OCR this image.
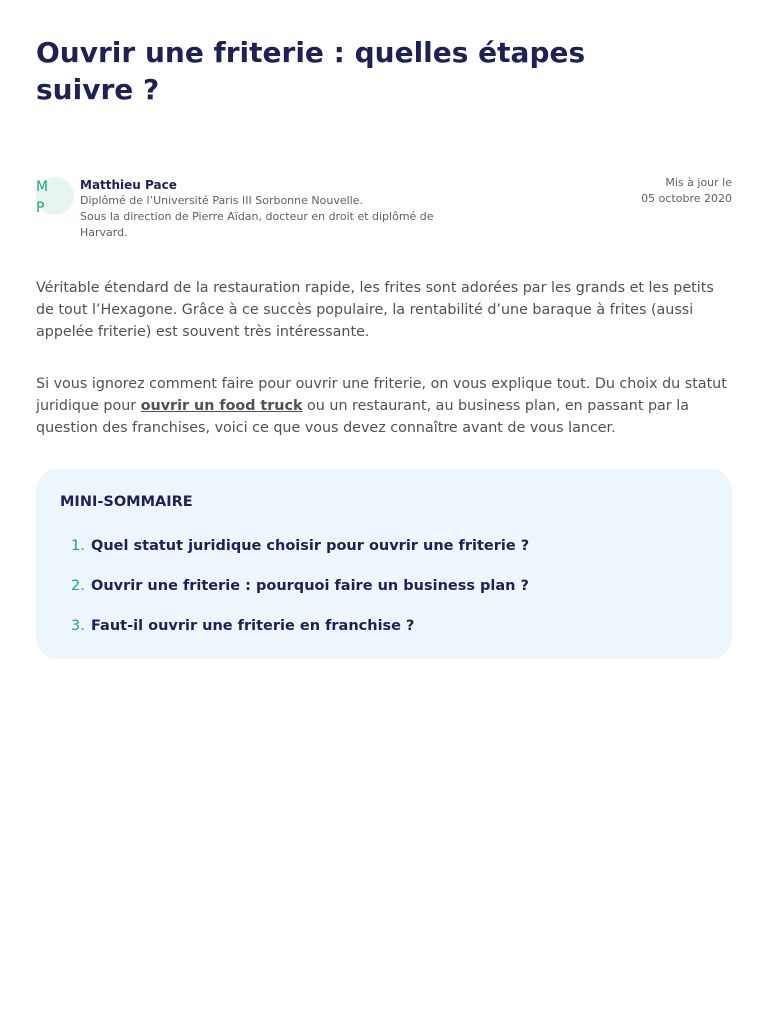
Ouvrir une friterie : quelles étapes suivre ?
MP
Matthieu Pace
Diplômé de l’Université Paris III Sorbonne Nouvelle.
Sous la direction de Pierre Aïdan, docteur en droit et diplômé de Harvard.
Mis à jour le
05 octobre 2020

Véritable étendard de la restauration rapide, les frites sont adorées par les grands et les petits de tout l’Hexagone. Grâce à ce succès populaire, la rentabilité d’une baraque à frites (aussi appelée friterie) est souvent très intéressante.

Si vous ignorez comment faire pour ouvrir une friterie, on vous explique tout. Du choix du statut juridique pour ouvrir un food truck ou un restaurant, au business plan, en passant par la question des franchises, voici ce que vous devez connaître avant de vous lancer.

MINI-SOMMAIRE
1. Quel statut juridique choisir pour ouvrir une friterie ?
2. Ouvrir une friterie : pourquoi faire un business plan ?
3. Faut-il ouvrir une friterie en franchise ?
